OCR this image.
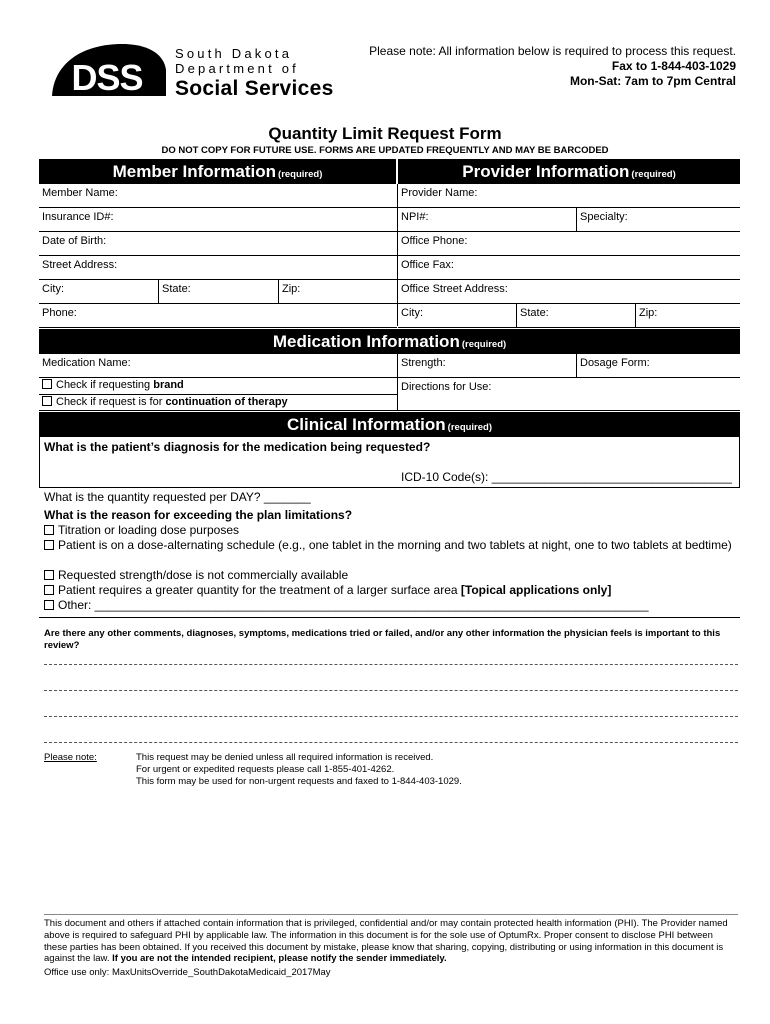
DSS
South Dakota
Department of
Social Services
Please note: All information below is required to process this request.
Fax to 1-844-403-1029
Mon-Sat: 7am to 7pm Central
Quantity Limit Request Form
DO NOT COPY FOR FUTURE USE. FORMS ARE UPDATED FREQUENTLY AND MAY BE BARCODED
Member Information (required)	Provider Information (required)
Member Name:
Insurance ID#:
Date of Birth:
Street Address:
City:	State:	Zip:
Phone:
Provider Name:
NPI#:	Specialty:
Office Phone:
Office Fax:
Office Street Address:
City:	State:	Zip:
Medication Information (required)
Medication Name:	Strength:	Dosage Form:
Check if requesting brand
Check if request is for continuation of therapy
Directions for Use:
Clinical Information (required)
What is the patient’s diagnosis for the medication being requested?
ICD-10 Code(s): ____________________________________
What is the quantity requested per DAY? _______
What is the reason for exceeding the plan limitations?
Titration or loading dose purposes
Patient is on a dose-alternating schedule (e.g., one tablet in the morning and two tablets at night, one to two tablets at bedtime)
Requested strength/dose is not commercially available
Patient requires a greater quantity for the treatment of a larger surface area [Topical applications only]
Other: ___________________________________________________________________________________
Are there any other comments, diagnoses, symptoms, medications tried or failed, and/or any other information the physician feels is important to this review?
Please note:	This request may be denied unless all required information is received.
For urgent or expedited requests please call 1-855-401-4262.
This form may be used for non-urgent requests and faxed to 1-844-403-1029.
This document and others if attached contain information that is privileged, confidential and/or may contain protected health information (PHI). The Provider named above is required to safeguard PHI by applicable law. The information in this document is for the sole use of OptumRx. Proper consent to disclose PHI between these parties has been obtained. If you received this document by mistake, please know that sharing, copying, distributing or using information in this document is against the law. If you are not the intended recipient, please notify the sender immediately.
Office use only: MaxUnitsOverride_SouthDakotaMedicaid_2017May
